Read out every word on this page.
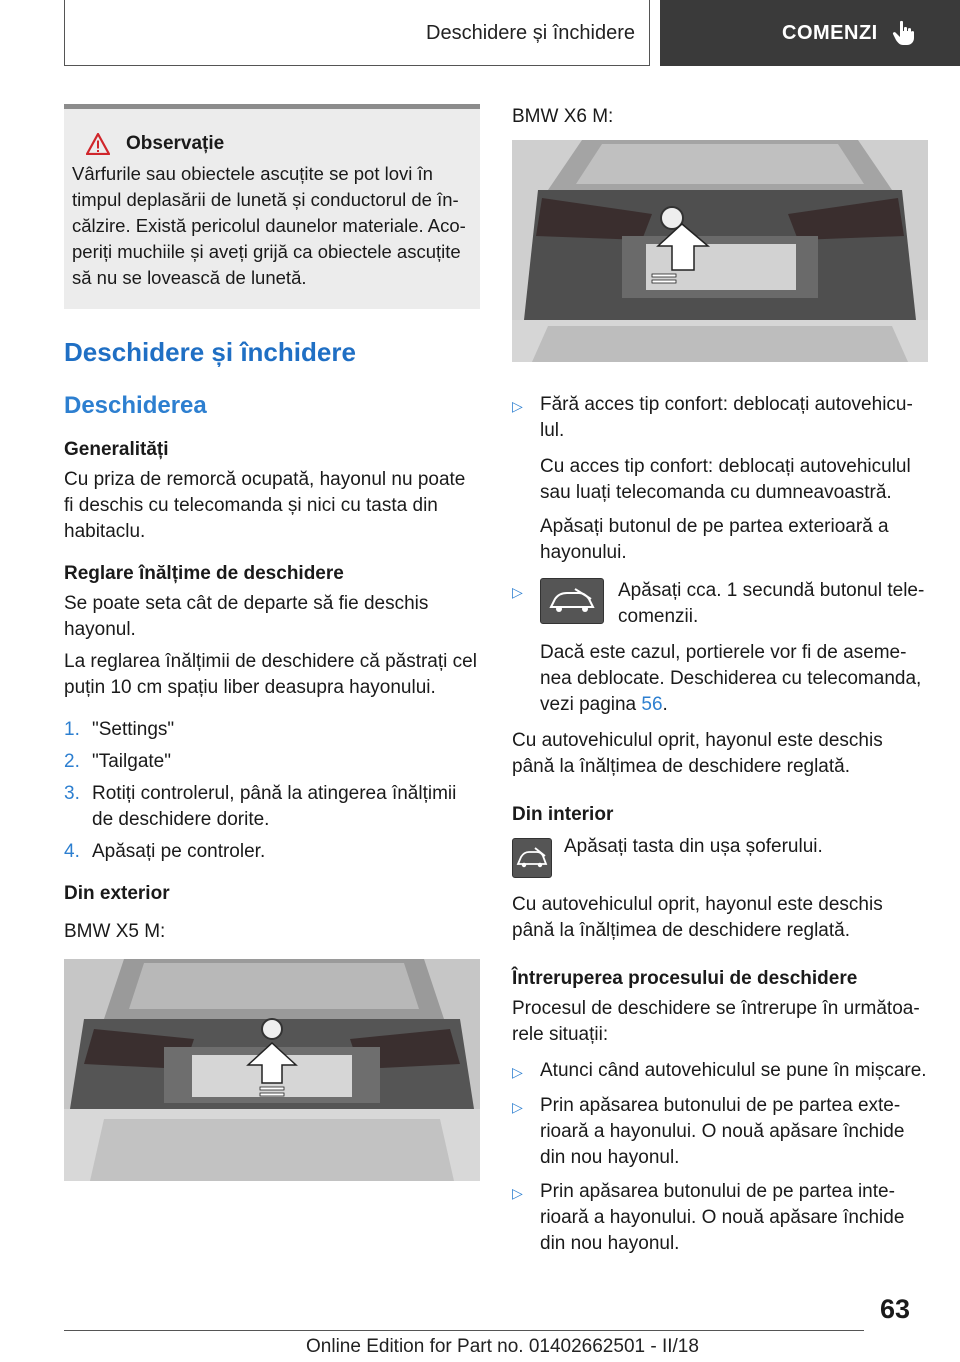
Deschidere și închidere	COMENZI
Observație

Vârfurile sau obiectele ascuțite se pot lovi în timpul deplasării de lunetă și conductorul de încălzire. Există pericolul daunelor materiale. Acoperiți muchiile și aveți grijă ca obiectele ascuțite să nu se lovească de lunetă.

Deschidere și închidere
Deschiderea
Generalități

Cu priza de remorcă ocupată, hayonul nu poate fi deschis cu telecomanda și nici cu tasta din habitaclu.

Reglare înălțime de deschidere

Se poate seta cât de departe să fie deschis hayonul.

La reglarea înălțimii de deschidere că păstrați cel puțin 10 cm spațiu liber deasupra hayonului.

1. "Settings"
2. "Tailgate"
3. Rotiți controlerul, până la atingerea înălțimii de deschidere dorite.
4. Apăsați pe controler.
Din exterior

BMW X5 M:

BMW X6 M:

▷ Fără acces tip confort: deblocați autovehiculul.

Cu acces tip confort: deblocați autovehiculul sau luați telecomanda cu dumneavoastră.

Apăsați butonul de pe partea exterioară a hayonului.

▷	Apăsați cca. 1 secundă butonul telecomenzii.

Dacă este cazul, portierele vor fi de asemenea deblocate. Deschiderea cu telecomanda, vezi pagina 56.

Cu autovehiculul oprit, hayonul este deschis până la înălțimea de deschidere reglată.

Din interior
Apăsați tasta din ușa șoferului.

Cu autovehiculul oprit, hayonul este deschis până la înălțimea de deschidere reglată.

Întreruperea procesului de deschidere

Procesul de deschidere se întrerupe în următoarele situații:

▷ Atunci când autovehiculul se pune în mișcare.
▷ Prin apăsarea butonului de pe partea exterioară a hayonului. O nouă apăsare închide din nou hayonul.
▷ Prin apăsarea butonului de pe partea interioară a hayonului. O nouă apăsare închide din nou hayonul.
63
Online Edition for Part no. 01402662501 - II/18
